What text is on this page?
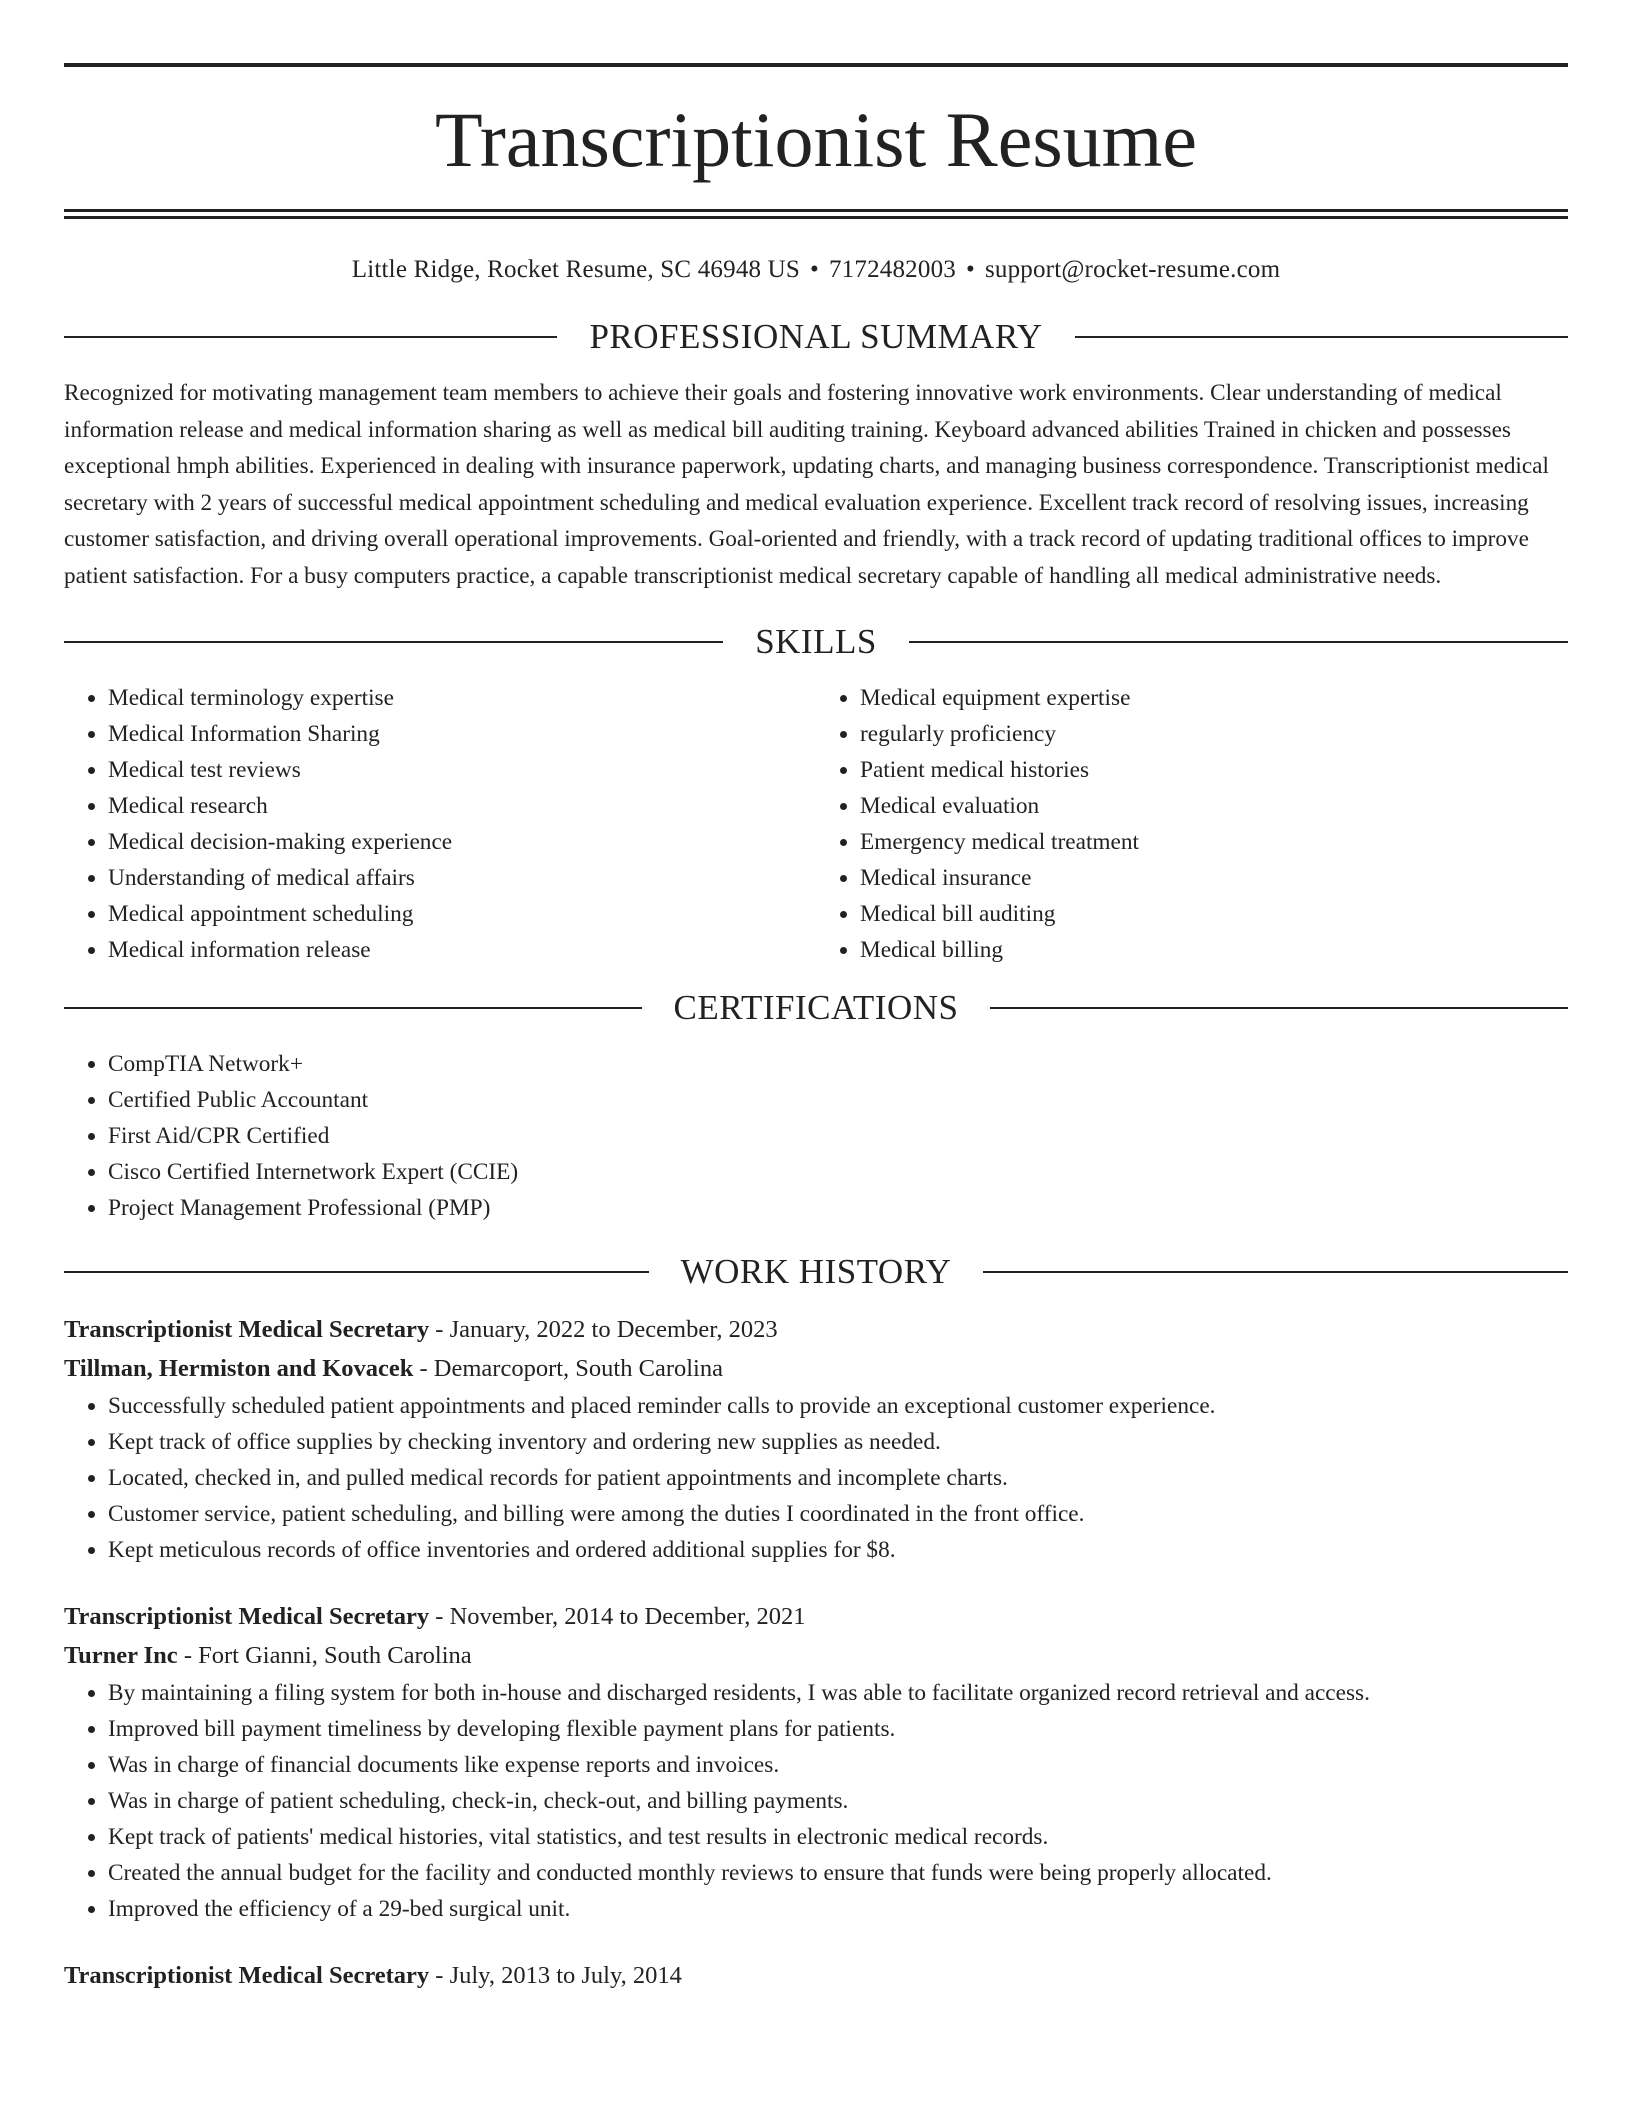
Transcriptionist Resume
Little Ridge, Rocket Resume, SC 46948 US • 7172482003 • support@rocket-resume.com
PROFESSIONAL SUMMARY

Recognized for motivating management team members to achieve their goals and fostering innovative work environments. Clear understanding of medical information release and medical information sharing as well as medical bill auditing training. Keyboard advanced abilities Trained in chicken and possesses exceptional hmph abilities. Experienced in dealing with insurance paperwork, updating charts, and managing business correspondence. Transcriptionist medical secretary with 2 years of successful medical appointment scheduling and medical evaluation experience. Excellent track record of resolving issues, increasing customer satisfaction, and driving overall operational improvements. Goal-oriented and friendly, with a track record of updating traditional offices to improve patient satisfaction. For a busy computers practice, a capable transcriptionist medical secretary capable of handling all medical administrative needs.

SKILLS
• Medical terminology expertise
• Medical Information Sharing
• Medical test reviews
• Medical research
• Medical decision-making experience
• Understanding of medical affairs
• Medical appointment scheduling
• Medical information release
• Medical equipment expertise
• regularly proficiency
• Patient medical histories
• Medical evaluation
• Emergency medical treatment
• Medical insurance
• Medical bill auditing
• Medical billing
CERTIFICATIONS
• CompTIA Network+
• Certified Public Accountant
• First Aid/CPR Certified
• Cisco Certified Internetwork Expert (CCIE)
• Project Management Professional (PMP)
WORK HISTORY
Transcriptionist Medical Secretary - January, 2022 to December, 2023
Tillman, Hermiston and Kovacek - Demarcoport, South Carolina
• Successfully scheduled patient appointments and placed reminder calls to provide an exceptional customer experience.
• Kept track of office supplies by checking inventory and ordering new supplies as needed.
• Located, checked in, and pulled medical records for patient appointments and incomplete charts.
• Customer service, patient scheduling, and billing were among the duties I coordinated in the front office.
• Kept meticulous records of office inventories and ordered additional supplies for $8.
Transcriptionist Medical Secretary - November, 2014 to December, 2021
Turner Inc - Fort Gianni, South Carolina
• By maintaining a filing system for both in-house and discharged residents, I was able to facilitate organized record retrieval and access.
• Improved bill payment timeliness by developing flexible payment plans for patients.
• Was in charge of financial documents like expense reports and invoices.
• Was in charge of patient scheduling, check-in, check-out, and billing payments.
• Kept track of patients' medical histories, vital statistics, and test results in electronic medical records.
• Created the annual budget for the facility and conducted monthly reviews to ensure that funds were being properly allocated.
• Improved the efficiency of a 29-bed surgical unit.
Transcriptionist Medical Secretary - July, 2013 to July, 2014
